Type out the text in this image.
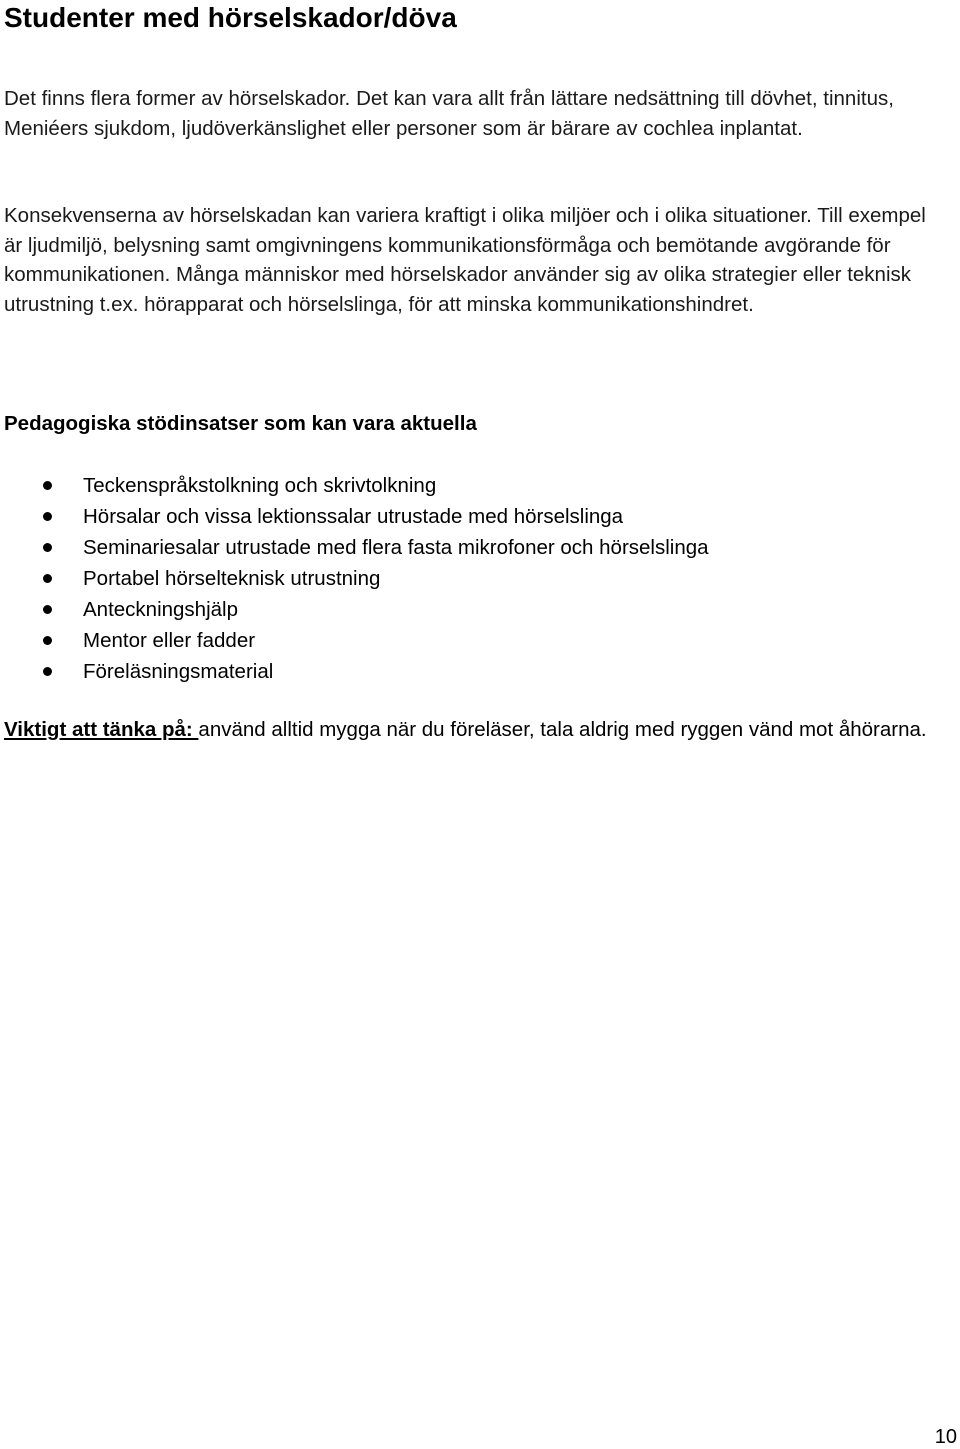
Studenter med hörselskador/döva

Det finns flera former av hörselskador. Det kan vara allt från lättare nedsättning till dövhet, tinnitus, Meniéers sjukdom, ljudöverkänslighet eller personer som är bärare av cochlea inplantat.

Konsekvenserna av hörselskadan kan variera kraftigt i olika miljöer och i olika situationer. Till exempel är ljudmiljö, belysning samt omgivningens kommunikationsförmåga och bemötande avgörande för kommunikationen. Många människor med hörselskador använder sig av olika strategier eller teknisk utrustning t.ex. hörapparat och hörselslinga, för att minska kommunikationshindret.

Pedagogiska stödinsatser som kan vara aktuella
Teckenspråkstolkning och skrivtolkning
Hörsalar och vissa lektionssalar utrustade med hörselslinga
Seminariesalar utrustade med flera fasta mikrofoner och hörselslinga
Portabel hörselteknisk utrustning
Anteckningshjälp
Mentor eller fadder
Föreläsningsmaterial

Viktigt att tänka på: använd alltid mygga när du föreläser, tala aldrig med ryggen vänd mot åhörarna.

10
